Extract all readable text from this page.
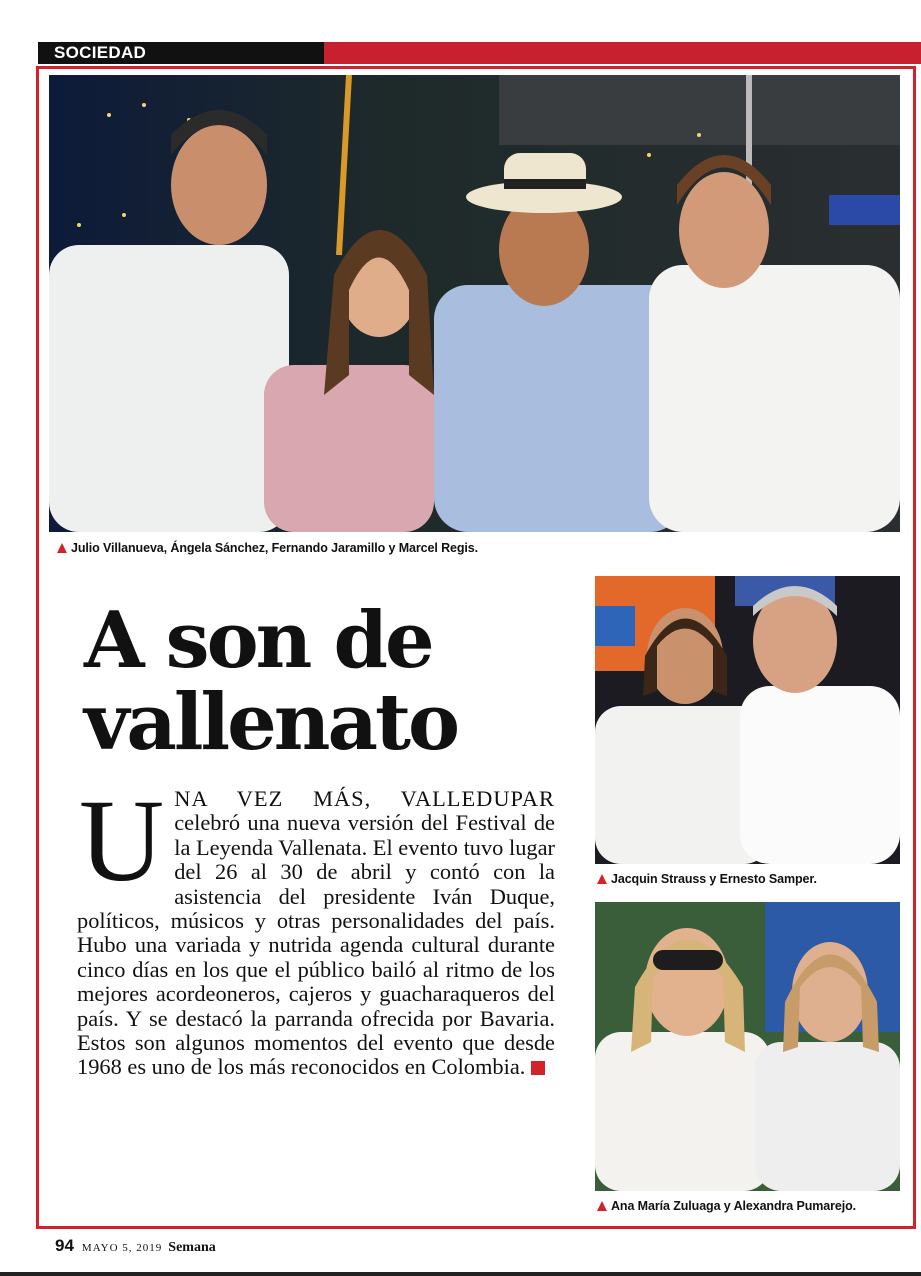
SOCIEDAD
Julio Villanueva, Ángela Sánchez, Fernando Jaramillo y Marcel Regis.
Jacquin Strauss y Ernesto Samper.
Ana María Zuluaga y Alexandra Pumarejo.
A son de
vallenato
U NA VEZ MÁS, VALLEDUPAR celebró una nueva versión del Festival de la Leyenda Vallenata. El evento tuvo lugar del 26 al 30 de abril y contó con la asistencia del presidente Iván Duque, políticos, músicos y otras personalidades del país. Hubo una variada y nutrida agenda cultural durante cinco días en los que el público bailó al ritmo de los mejores acordeoneros, cajeros y guacharaqueros del país. Y se destacó la parranda ofrecida por Bavaria. Estos son algunos momentos del evento que desde 1968 es uno de los más reconocidos en Colombia.
94 MAYO 5, 2019 Semana
